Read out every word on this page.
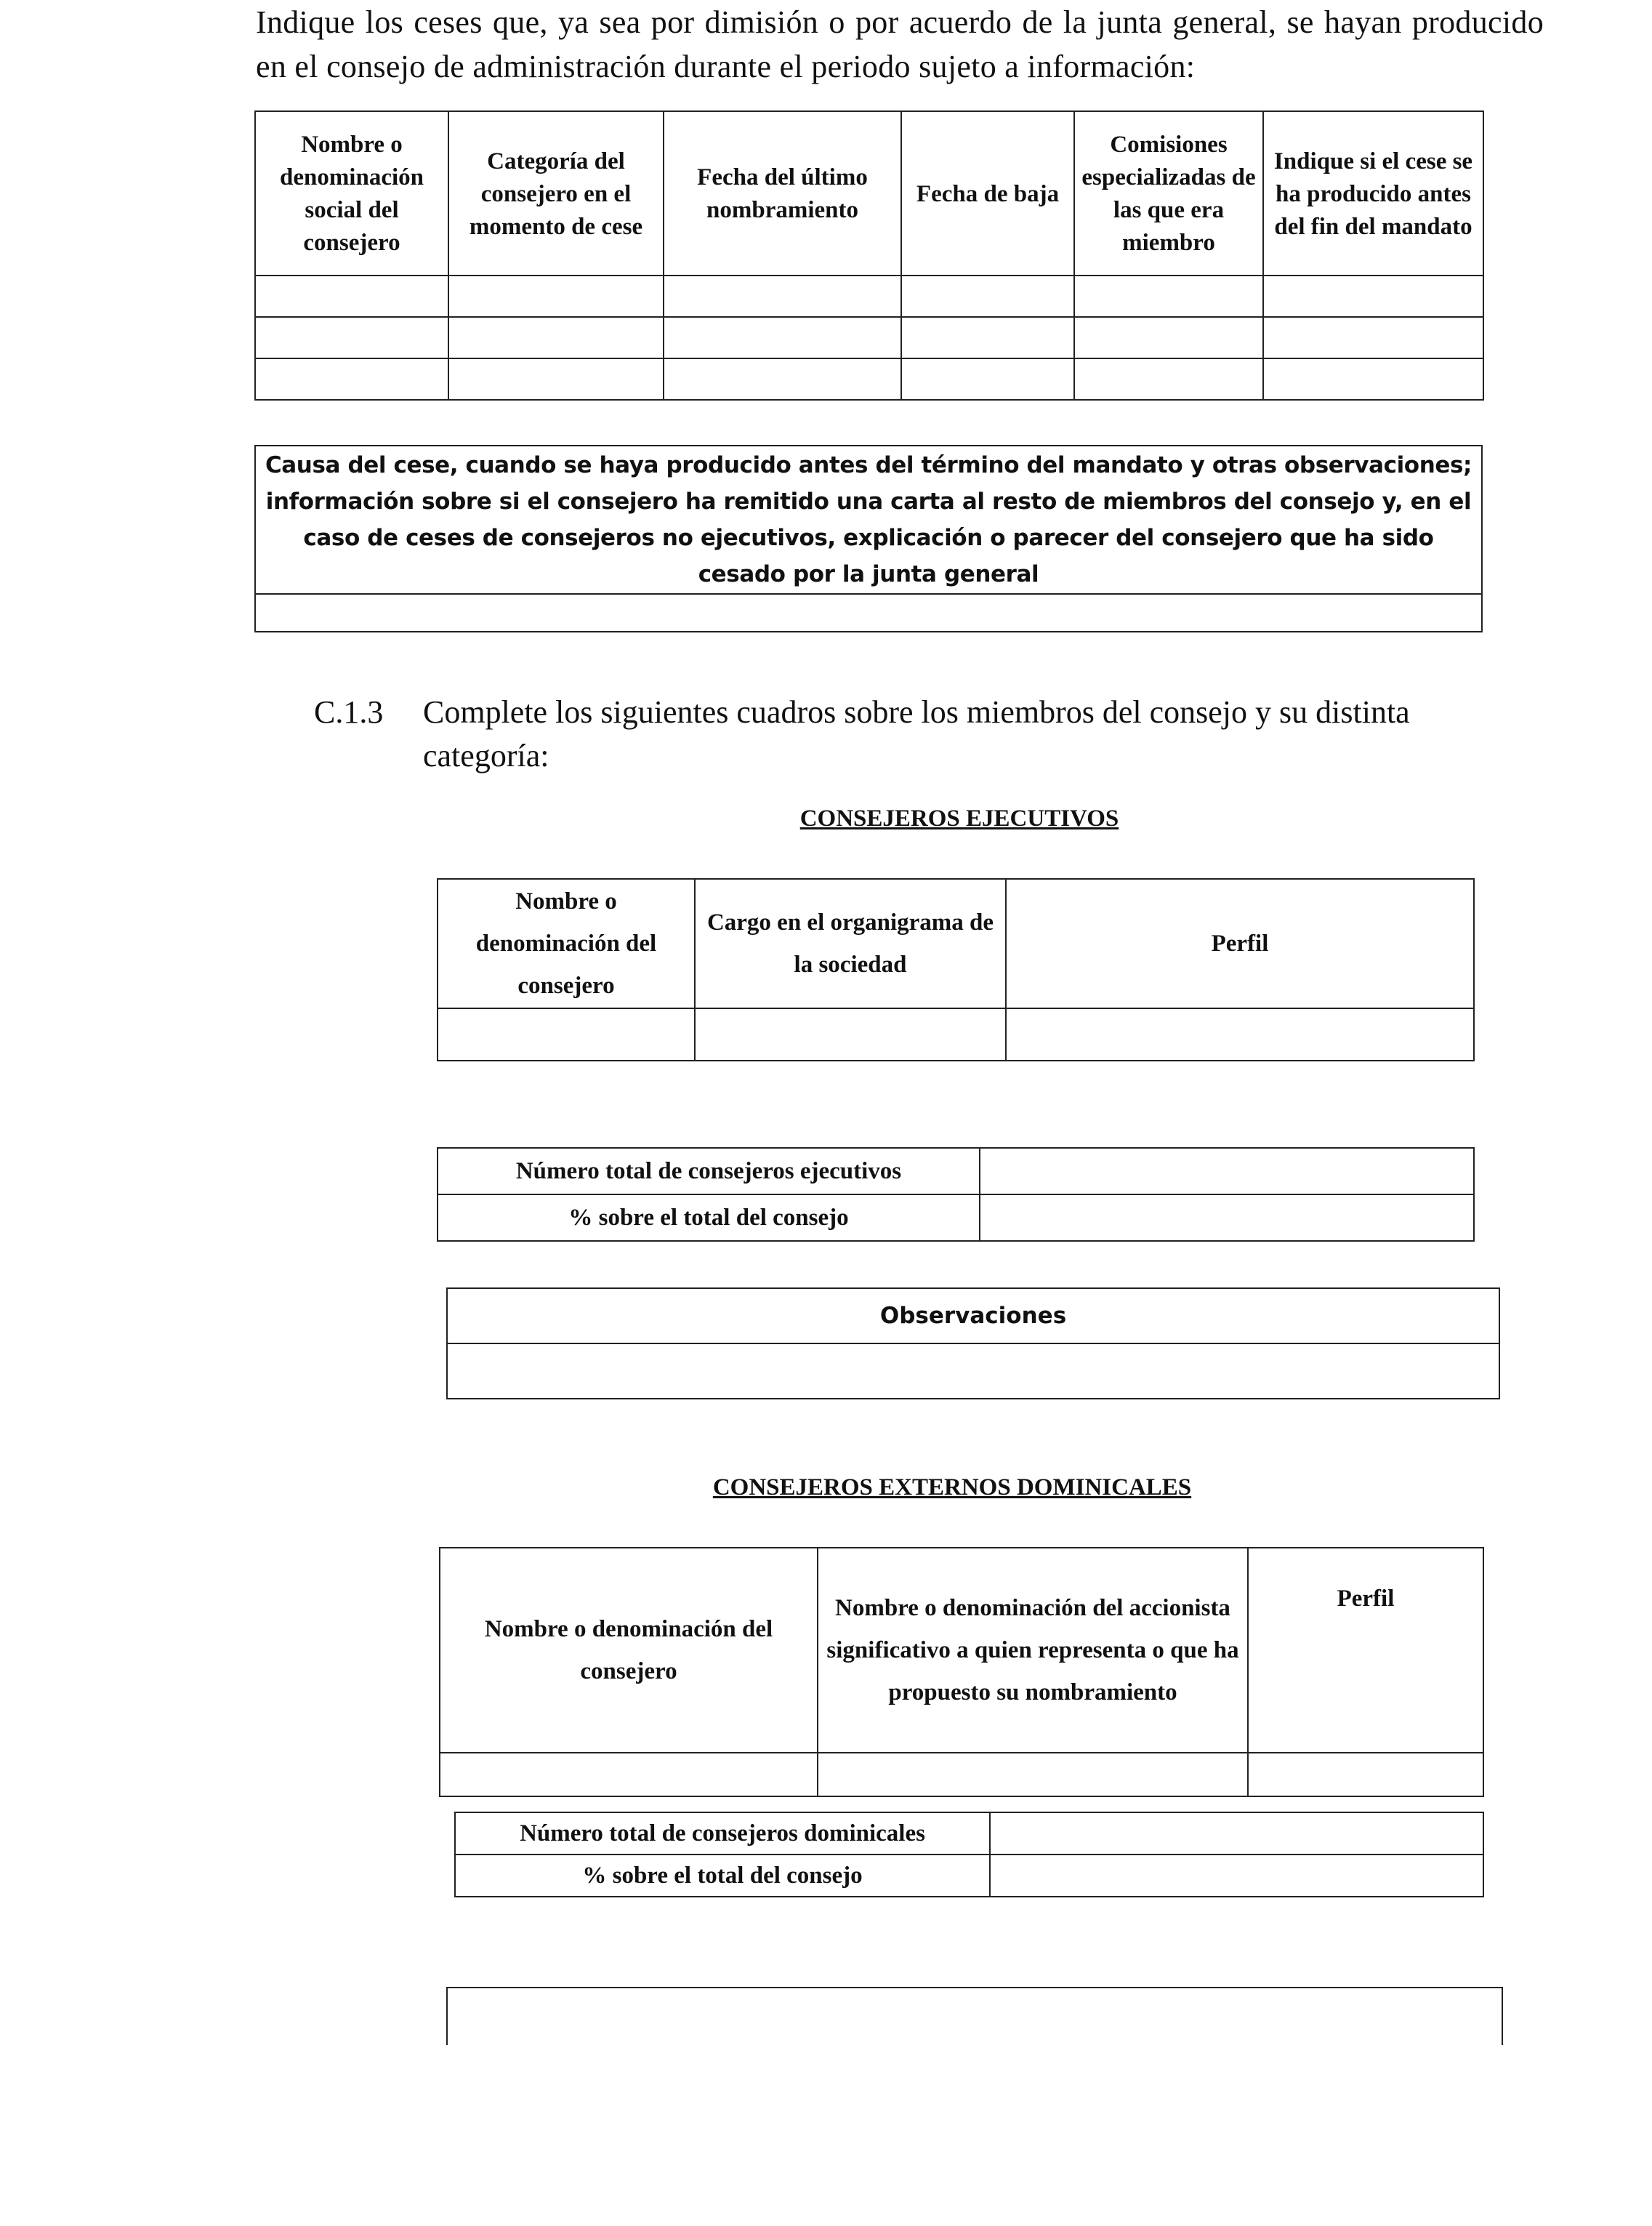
Indique los ceses que, ya sea por dimisión o por acuerdo de la junta general, se hayan producido en el consejo de administración durante el periodo sujeto a información:

Nombre o denominación social del consejero	Categoría del consejero en el momento de cese	Fecha del último nombramiento	Fecha de baja	Comisiones especializadas de las que era miembro	Indique si el cese se ha producido antes del fin del mandato

Causa del cese, cuando se haya producido antes del término del mandato y otras observaciones; información sobre si el consejero ha remitido una carta al resto de miembros del consejo y, en el caso de ceses de consejeros no ejecutivos, explicación o parecer del consejero que ha sido cesado por la junta general

C.1.3 Complete los siguientes cuadros sobre los miembros del consejo y su distinta categoría:
CONSEJEROS EJECUTIVOS
Nombre o denominación del consejero	Cargo en el organigrama de la sociedad	Perfil

Número total de consejeros ejecutivos	
% sobre el total del consejo	
Observaciones

CONSEJEROS EXTERNOS DOMINICALES
Nombre o denominación del consejero	Nombre o denominación del accionista significativo a quien representa o que ha propuesto su nombramiento	Perfil

Número total de consejeros dominicales	
% sobre el total del consejo	
